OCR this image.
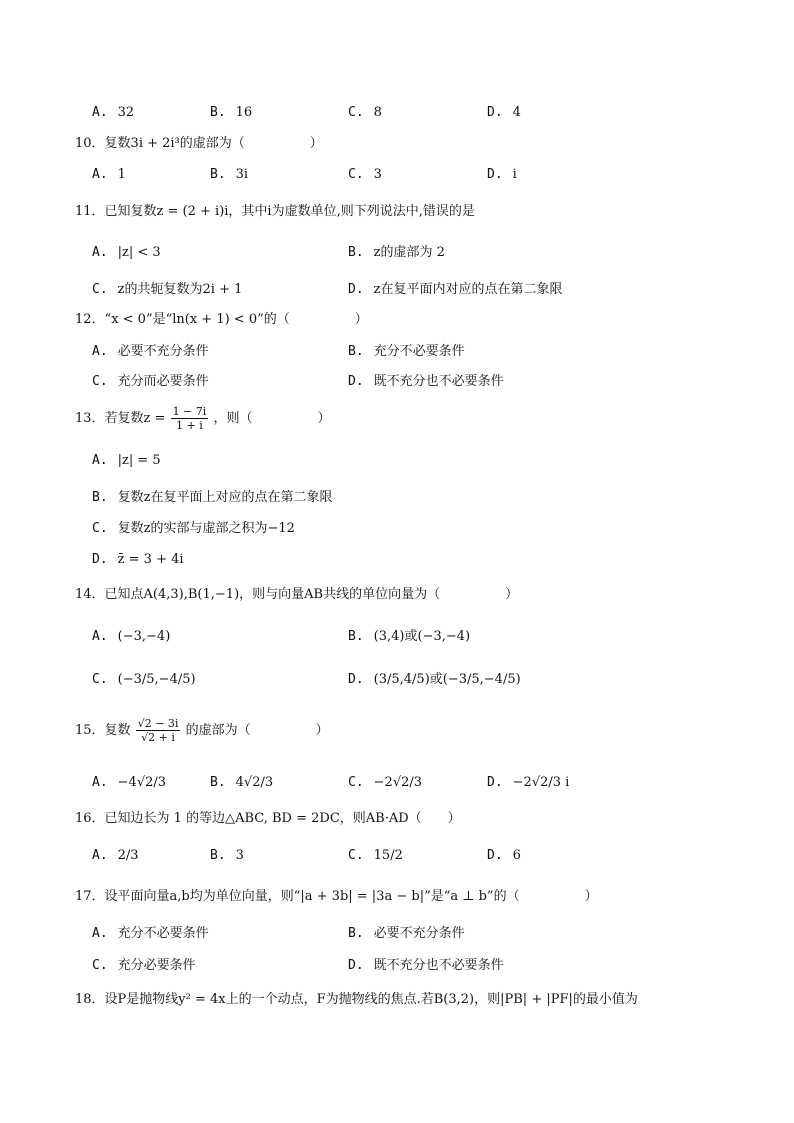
A. 32	B. 16	C. 8	D. 4
10．复数3i + 2i³的虚部为（　　　　　）
A. 1	B. 3i	C. 3	D. i
11．已知复数z = (2 + i)i，其中i为虚数单位,则下列说法中,错误的是
A. |z| < 3	B. z的虚部为 2
C. z的共轭复数为2i + 1	D. z在复平面内对应的点在第二象限
12．“x < 0”是“ln(x + 1) < 0”的（　　　　　）
A. 必要不充分条件	B. 充分不必要条件
C. 充分而必要条件	D. 既不充分也不必要条件
13．若复数$z = \frac{1 - 7i}{1 + i}$ ，则（　　　　　）
A. |z| = 5
B. 复数z在复平面上对应的点在第二象限
C. 复数z的实部与虚部之积为−12
D. z̄ = 3 + 4i
14．已知点A(4,3),B(1,−1)，则与向量AB共线的单位向量为（　　　　　）
A. (−3,−4)	B. (3,4)或(−3,−4)
C. (−3/5,−4/5)	D. (3/5,4/5)或(−3/5,−4/5)
15．复数 $\frac{√2 - 3i}{√2 + i}$ 的虚部为（　　　　　）
A. −4√2/3	B. 4√2/3	C. −2√2/3	D. −2√2/3 i
16．已知边长为 1 的等边△ABC, BD = 2DC，则AB·AD（　　）
A. 2/3	B. 3	C. 15/2	D. 6
17．设平面向量a,b均为单位向量，则“|a + 3b| = |3a − b|”是“a ⊥ b”的（　　　　　）
A. 充分不必要条件	B. 必要不充分条件
C. 充分必要条件	D. 既不充分也不必要条件
18．设P是抛物线y² = 4x上的一个动点，F为抛物线的焦点.若B(3,2)，则|PB| + |PF|的最小值为
